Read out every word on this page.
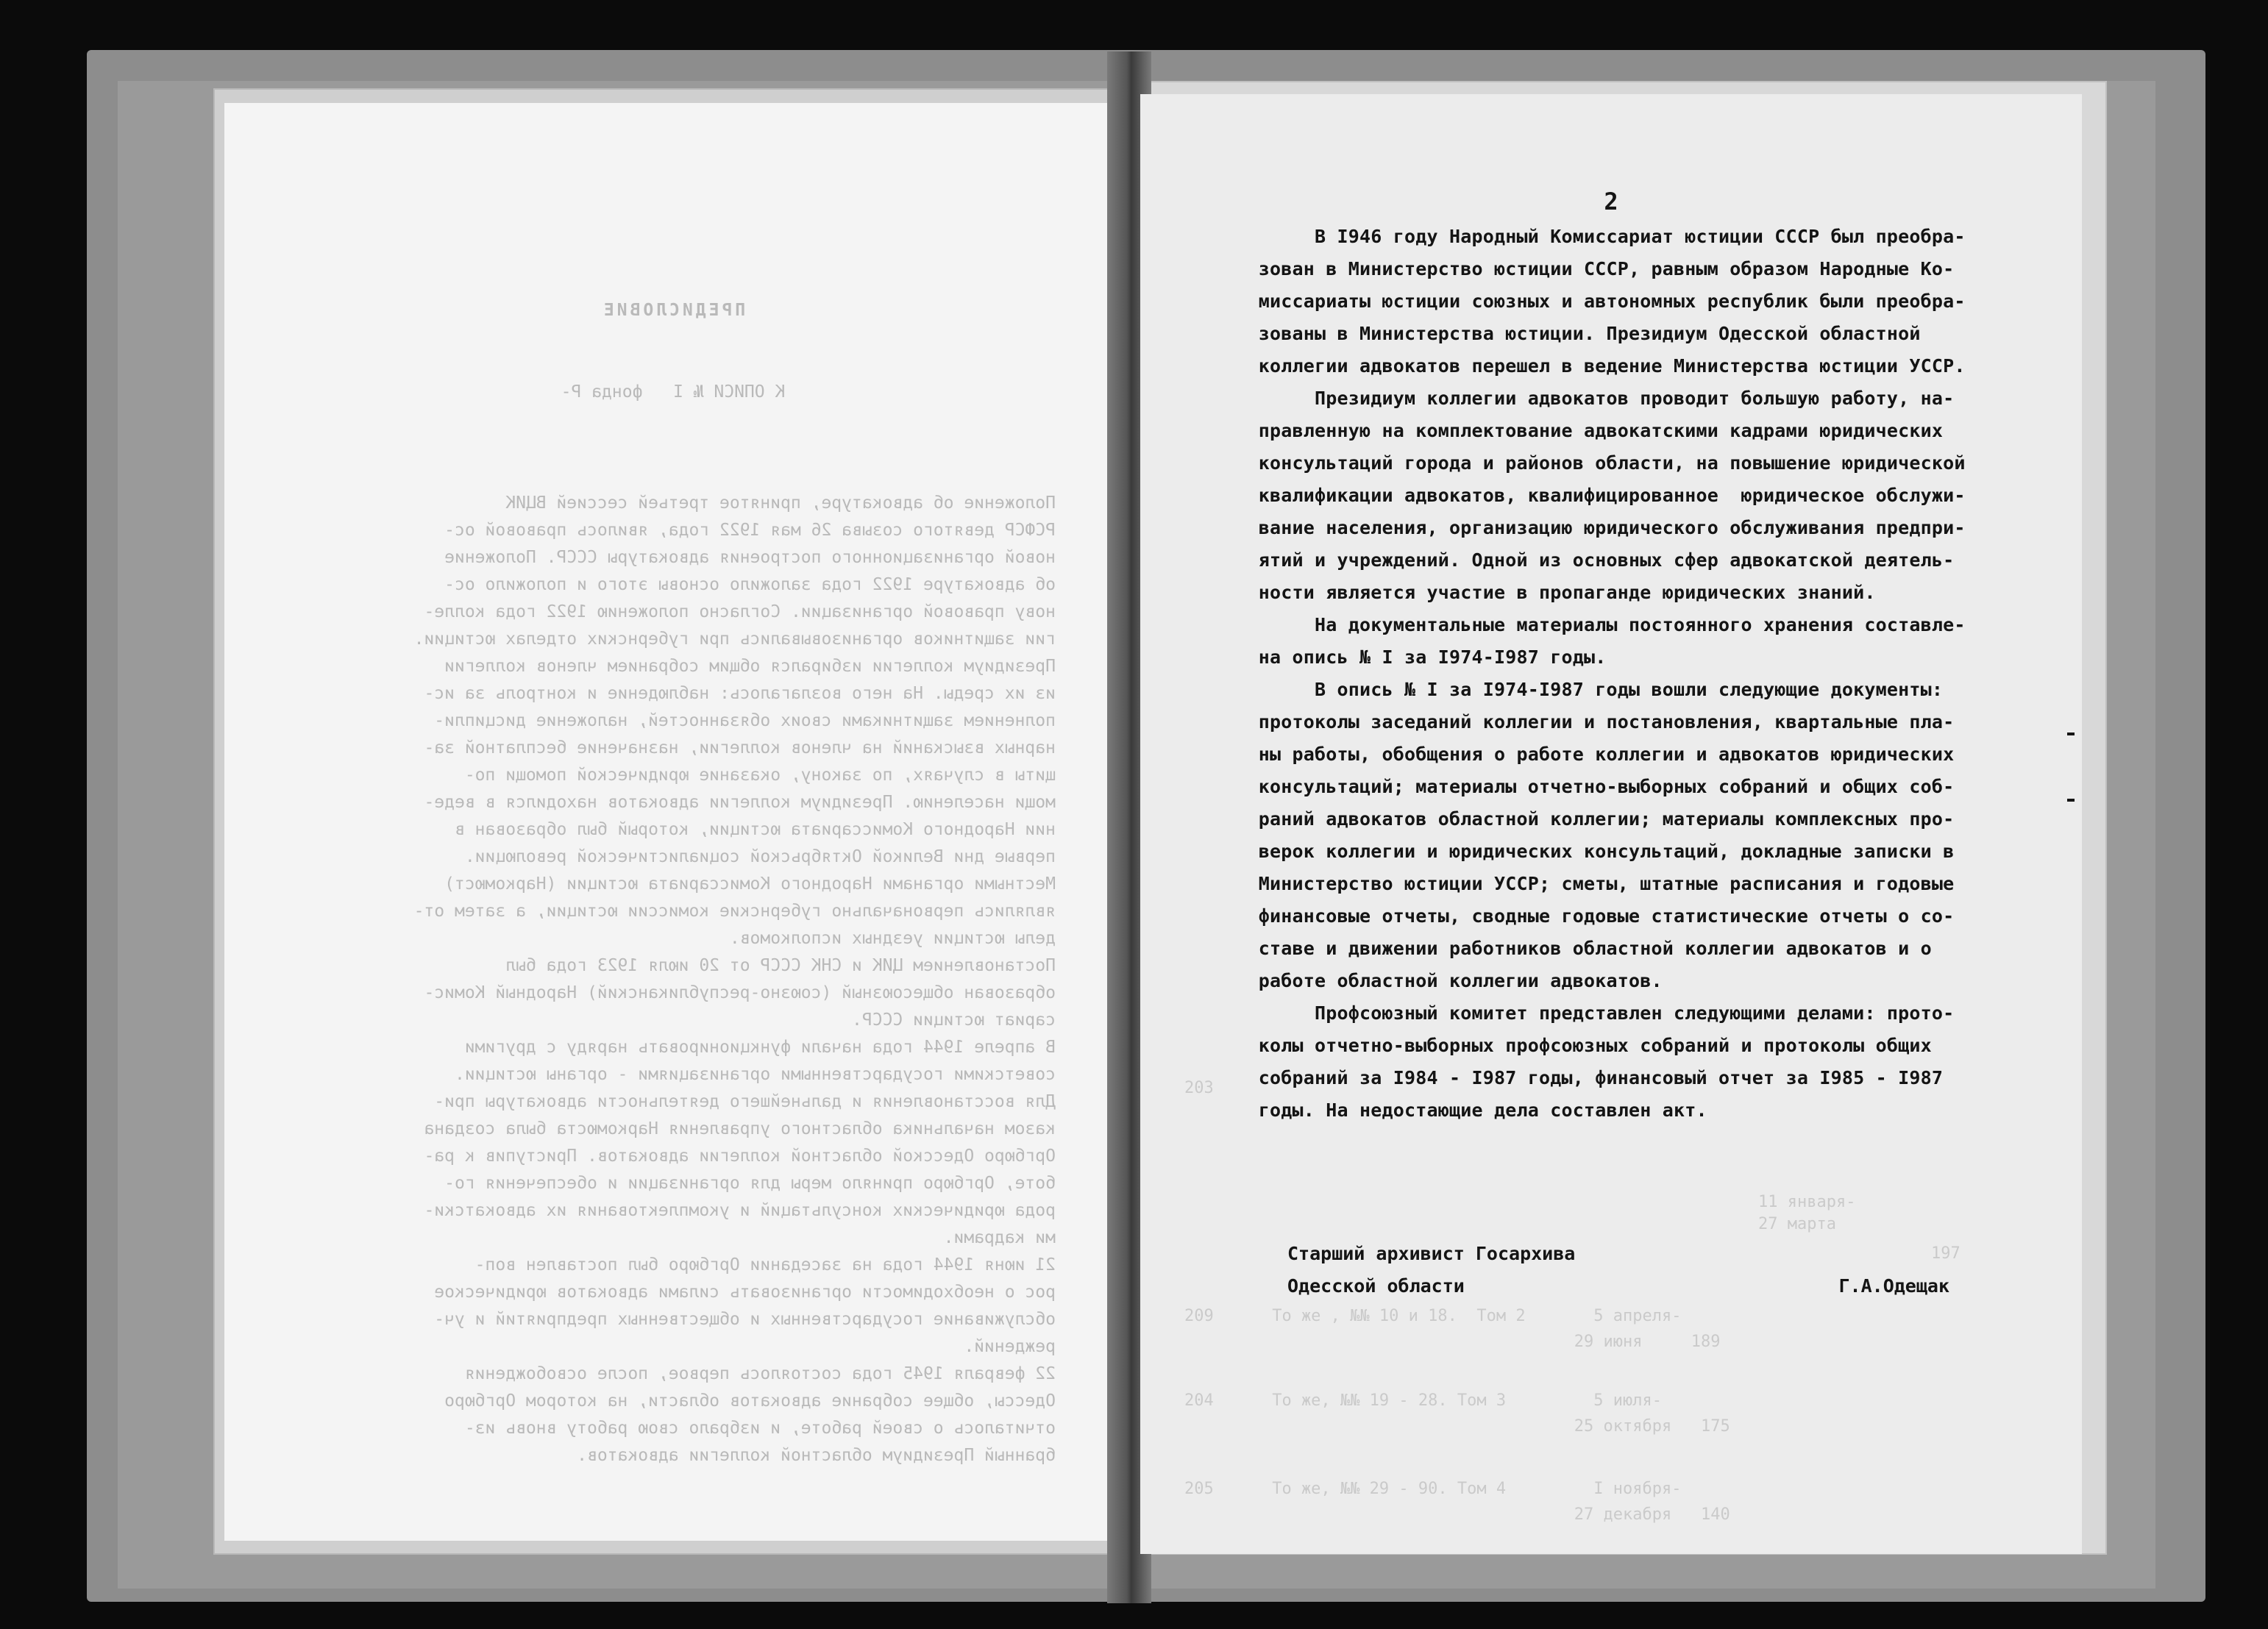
ПРЕДИСЛОВИЕ

К ОПИСИ № I   фонда Р-

Положение об адвокатуре, принятое третьей сессией ВЦИК
РСФСР девятого созыва 26 мая 1922 года, явилось правовой ос-
новой организационного построения адвокатуры СССР. Положение
об адвокатуре 1922 года заложило основы этого и положило ос-
нову правовой организации. Согласно положению 1922 года колле-
гии защитников организовывались при губернских отделах юстиции.
Президиум коллегии избирался общим собранием членов коллегии
из их среды. На него возлагалось: наблюдение и контроль за ис-
полнением защитниками своих обязанностей, наложение дисципли-
нарных взысканий на членов коллегии, назначение бесплатной за-
щиты в случаях, по закону, оказание юридической помощи по-
мощи населению. Президиум коллегии адвокатов находился в веде-
нии Народного Комиссариата юстиции, который был образован в
первые дни Великой Октябрьской социалистической революции.
Местными органами Народного Комиссариата юстиции (Наркомюст)
являлись первоначально губернские комиссии юстиции, а затем от-
делы юстиции уездных исполкомов.
Постановлением ЦИК и СНК СССР от 20 июля 1923 года был
образован общесоюзный (союзно-республиканский) Народный Комис-
сариат юстиции СССР.
В апреле 1944 года начали функционировать наряду с другими
советскими государственными организациями - органы юстиции.
Для восстановления и дальнейшего деятельности адвокатуры при-
казом начальника областного управления Наркомюста была создана
Оргбюро Одесской областной коллегии адвокатов. Приступив к ра-
боте, Оргбюро приняло меры для организации и обеспечения го-
рода юридических консультаций и укомплектования их адвокатски-
ми кадрами.
21 июня 1944 года на заседании Оргбюро был поставлен воп-
рос о необходимости организовать силами адвокатов юридическое
обслуживание государственных и общественных предприятий и уч-
реждений.
22 февраля 1945 года состоялось первое, после освобождения
Одессы, общее собрание адвокатов области, на котором Оргбюро
отчиталось о своей работе, и избрало свою работу вновь из-
бранный Президиум областной коллегии адвокатов.

203
11 января-
27 марта
197
209      То же , №№ 10 и 18.  Том 2       5 апреля-
29 июня     189
204      То же, №№ 19 - 28. Том 3         5 июля-
25 октября   175
205      То же, №№ 29 - 90. Том 4         I ноября-
27 декабря   140
2

В I946 году Народный Комиссариат юстиции СССР был преобра-

зован в Министерство юстиции СССР, равным образом Народные Ко-

миссариаты юстиции союзных и автономных республик были преобра-

зованы в Министерства юстиции. Президиум Одесской областной

коллегии адвокатов перешел в ведение Министерства юстиции УССР.

Президиум коллегии адвокатов проводит большую работу, на-

правленную на комплектование адвокатскими кадрами юридических

консультаций города и районов области, на повышение юридической

квалификации адвокатов, квалифицированное  юридическое обслужи-

вание населения, организацию юридического обслуживания предпри-

ятий и учреждений. Одной из основных сфер адвокатской деятель-

ности является участие в пропаганде юридических знаний.

На документальные материалы постоянного хранения составле-

на опись № I за I974-I987 годы.

В опись № I за I974-I987 годы вошли следующие документы:

протоколы заседаний коллегии и постановления, квартальные пла-

ны работы, обобщения о работе коллегии и адвокатов юридических

консультаций; материалы отчетно-выборных собраний и общих соб-

раний адвокатов областной коллегии; материалы комплексных про-

верок коллегии и юридических консультаций, докладные записки в

Министерство юстиции УССР; сметы, штатные расписания и годовые

финансовые отчеты, сводные годовые статистические отчеты о со-

ставе и движении работников областной коллегии адвокатов и о

работе областной коллегии адвокатов.

Профсоюзный комитет представлен следующими делами: прото-

колы отчетно-выборных профсоюзных собраний и протоколы общих

собраний за I984 - I987 годы, финансовый отчет за I985 - I987

годы. На недостающие дела составлен акт.

Старший архивист Госархива
Одесской области	Г.А.Одещак
